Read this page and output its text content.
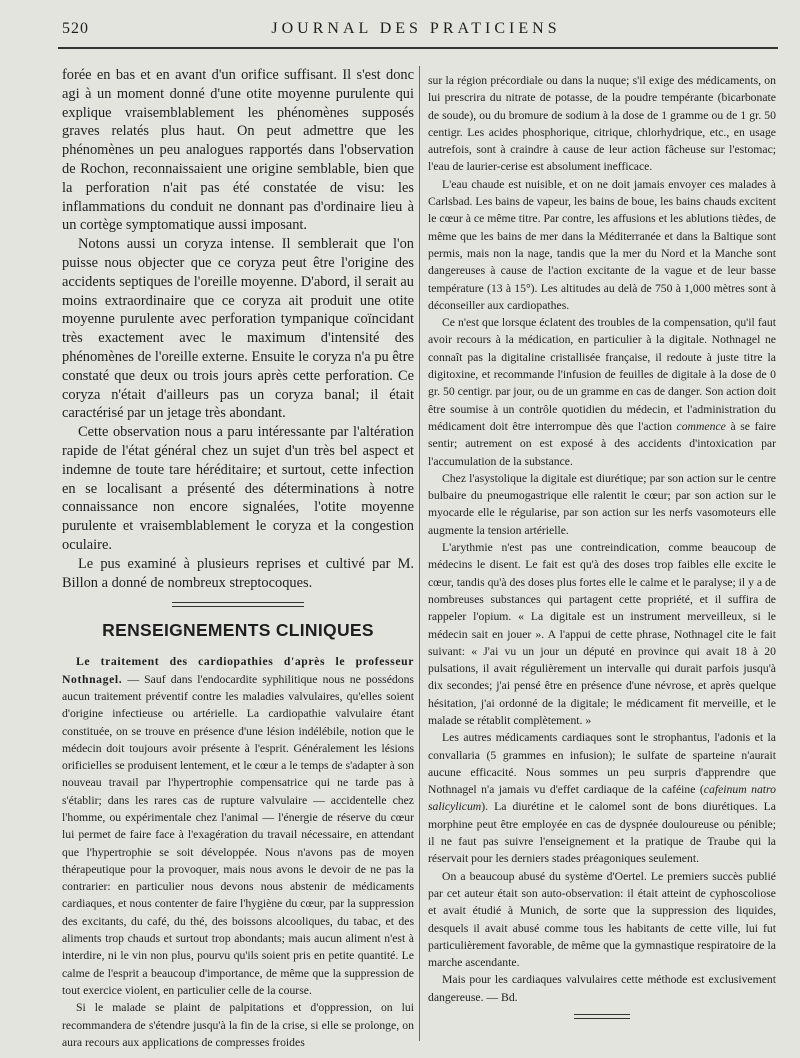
520	JOURNAL DES PRATICIENS

forée en bas et en avant d'un orifice suffisant. Il s'est donc agi à un moment donné d'une otite moyenne purulente qui explique vraisemblablement les phénomènes supposés graves relatés plus haut. On peut admettre que les phénomènes un peu analogues rapportés dans l'observation de Rochon, reconnaissaient une origine semblable, bien que la perforation n'ait pas été constatée de visu: les inflammations du conduit ne donnant pas d'ordinaire lieu à un cortège symptomatique aussi imposant.

Notons aussi un coryza intense. Il semblerait que l'on puisse nous objecter que ce coryza peut être l'origine des accidents septiques de l'oreille moyenne. D'abord, il serait au moins extraordinaire que ce coryza ait produit une otite moyenne purulente avec perforation tympanique coïncidant très exactement avec le maximum d'intensité des phénomènes de l'oreille externe. Ensuite le coryza n'a pu être constaté que deux ou trois jours après cette perforation. Ce coryza n'était d'ailleurs pas un coryza banal; il était caractérisé par un jetage très abondant.

Cette observation nous a paru intéressante par l'altération rapide de l'état général chez un sujet d'un très bel aspect et indemne de toute tare héréditaire; et surtout, cette infection en se localisant a présenté des déterminations à notre connaissance non encore signalées, l'otite moyenne purulente et vraisemblablement le coryza et la congestion oculaire.

Le pus examiné à plusieurs reprises et cultivé par M. Billon a donné de nombreux streptocoques.

RENSEIGNEMENTS CLINIQUES

Le traitement des cardiopathies d'après le professeur Nothnagel. — Sauf dans l'endocardite syphilitique nous ne possédons aucun traitement préventif contre les maladies valvulaires, qu'elles soient d'origine infectieuse ou artérielle. La cardiopathie valvulaire étant constituée, on se trouve en présence d'une lésion indélébile, notion que le médecin doit toujours avoir présente à l'esprit. Généralement les lésions orificielles se produisent lentement, et le cœur a le temps de s'adapter à son nouveau travail par l'hypertrophie compensatrice qui ne tarde pas à s'établir; dans les rares cas de rupture valvulaire — accidentelle chez l'homme, ou expérimentale chez l'animal — l'énergie de réserve du cœur lui permet de faire face à l'exagération du travail nécessaire, en attendant que l'hypertrophie se soit développée. Nous n'avons pas de moyen thérapeutique pour la provoquer, mais nous avons le devoir de ne pas la contrarier: en particulier nous devons nous abstenir de médicaments cardiaques, et nous contenter de faire l'hygiène du cœur, par la suppression des excitants, du café, du thé, des boissons alcooliques, du tabac, et des aliments trop chauds et surtout trop abondants; mais aucun aliment n'est à interdire, ni le vin non plus, pourvu qu'ils soient pris en petite quantité. Le calme de l'esprit a beaucoup d'importance, de même que la suppression de tout exercice violent, en particulier celle de la course.

Si le malade se plaint de palpitations et d'oppression, on lui recommandera de s'étendre jusqu'à la fin de la crise, si elle se prolonge, on aura recours aux applications de compresses froides

sur la région précordiale ou dans la nuque; s'il exige des médicaments, on lui prescrira du nitrate de potasse, de la poudre tempérante (bicarbonate de soude), ou du bromure de sodium à la dose de 1 gramme ou de 1 gr. 50 centigr. Les acides phosphorique, citrique, chlorhydrique, etc., en usage autrefois, sont à craindre à cause de leur action fâcheuse sur l'estomac; l'eau de laurier-cerise est absolument inefficace.

L'eau chaude est nuisible, et on ne doit jamais envoyer ces malades à Carlsbad. Les bains de vapeur, les bains de boue, les bains chauds excitent le cœur à ce même titre. Par contre, les affusions et les ablutions tièdes, de même que les bains de mer dans la Méditerranée et dans la Baltique sont permis, mais non la nage, tandis que la mer du Nord et la Manche sont dangereuses à cause de l'action excitante de la vague et de leur basse température (13 à 15°). Les altitudes au delà de 750 à 1,000 mètres sont à déconseiller aux cardiopathes.

Ce n'est que lorsque éclatent des troubles de la compensation, qu'il faut avoir recours à la médication, en particulier à la digitale. Nothnagel ne connaît pas la digitaline cristallisée française, il redoute à juste titre la digitoxine, et recommande l'infusion de feuilles de digitale à la dose de 0 gr. 50 centigr. par jour, ou de un gramme en cas de danger. Son action doit être soumise à un contrôle quotidien du médecin, et l'administration du médicament doit être interrompue dès que l'action commence à se faire sentir; autrement on est exposé à des accidents d'intoxication par l'accumulation de la substance.

Chez l'asystolique la digitale est diurétique; par son action sur le centre bulbaire du pneumogastrique elle ralentit le cœur; par son action sur le myocarde elle le régularise, par son action sur les nerfs vasomoteurs elle augmente la tension artérielle.

L'arythmie n'est pas une contreindication, comme beaucoup de médecins le disent. Le fait est qu'à des doses trop faibles elle excite le cœur, tandis qu'à des doses plus fortes elle le calme et le paralyse; il y a de nombreuses substances qui partagent cette propriété, et il suffira de rappeler l'opium. « La digitale est un instrument merveilleux, si le médecin sait en jouer ». A l'appui de cette phrase, Nothnagel cite le fait suivant: « J'ai vu un jour un député en province qui avait 18 à 20 pulsations, il avait régulièrement un intervalle qui durait parfois jusqu'à dix secondes; j'ai pensé être en présence d'une névrose, et après quelque hésitation, j'ai ordonné de la digitale; le médicament fit merveille, et le malade se rétablit complètement. »

Les autres médicaments cardiaques sont le strophantus, l'adonis et la convallaria (5 grammes en infusion); le sulfate de sparteine n'aurait aucune efficacité. Nous sommes un peu surpris d'apprendre que Nothnagel n'a jamais vu d'effet cardiaque de la caféine (cafeinum natro salicylicum). La diurétine et le calomel sont de bons diurétiques. La morphine peut être employée en cas de dyspnée douloureuse ou pénible; il ne faut pas suivre l'enseignement et la pratique de Traube qui la réservait pour les derniers stades préagoniques seulement.

On a beaucoup abusé du système d'Oertel. Le premiers succès publié par cet auteur était son auto-observation: il était atteint de cyphoscoliose et avait étudié à Munich, de sorte que la suppression des liquides, desquels il avait abusé comme tous les habitants de cette ville, lui fut particulièrement favorable, de même que la gymnastique respiratoire de la marche ascendante.

Mais pour les cardiaques valvulaires cette méthode est exclusivement dangereuse. — Bd.
